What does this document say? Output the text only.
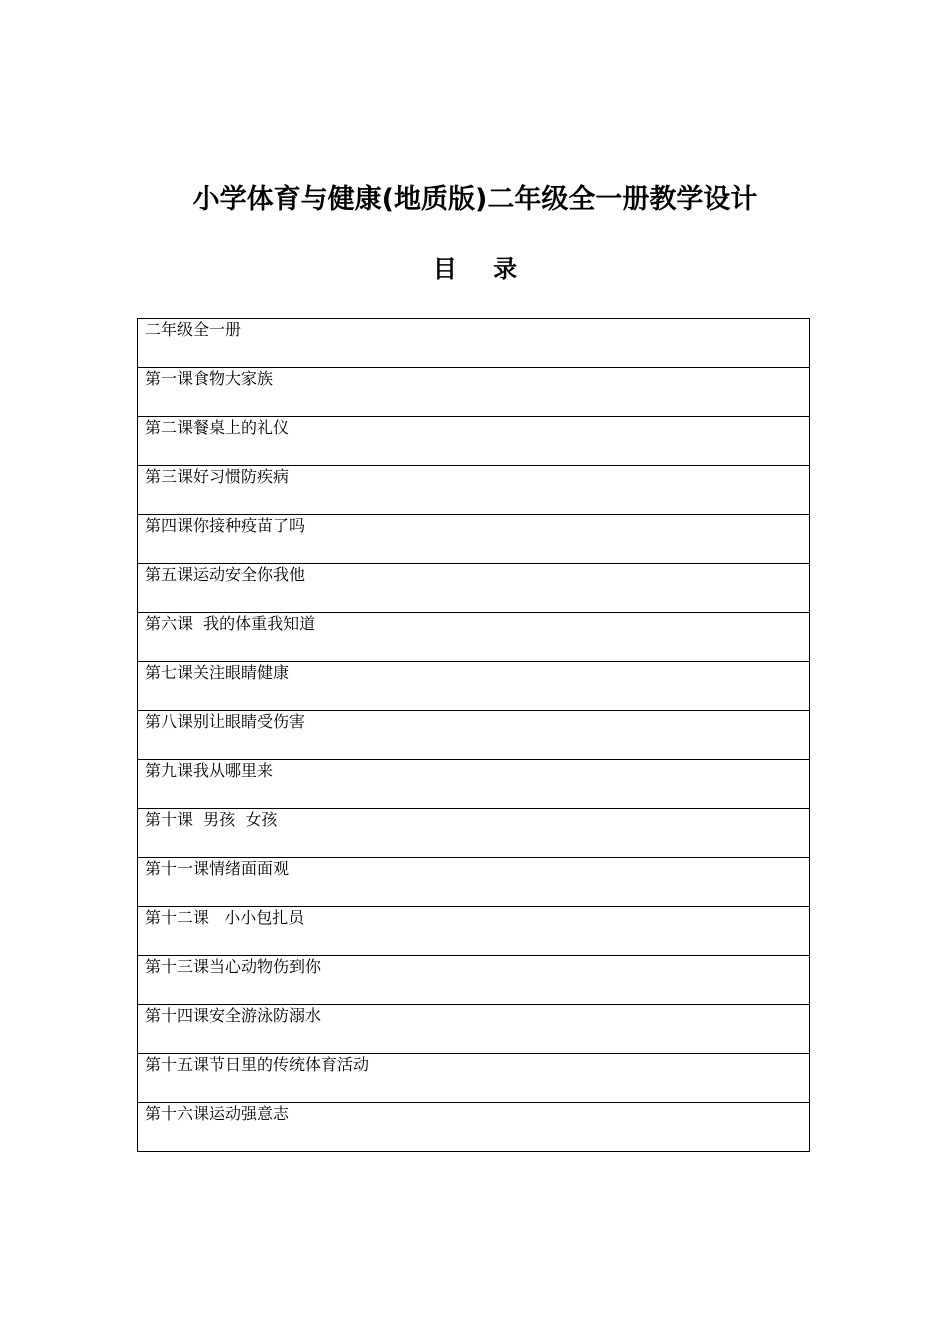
小学体育与健康(地质版)二年级全一册教学设计
目 录
二年级全一册
第一课食物大家族
第二课餐桌上的礼仪
第三课好习惯防疾病
第四课你接种疫苗了吗
第五课运动安全你我他
第六课  我的体重我知道
第七课关注眼睛健康
第八课别让眼睛受伤害
第九课我从哪里来
第十课  男孩  女孩
第十一课情绪面面观
第十二课   小小包扎员
第十三课当心动物伤到你
第十四课安全游泳防溺水
第十五课节日里的传统体育活动
第十六课运动强意志
